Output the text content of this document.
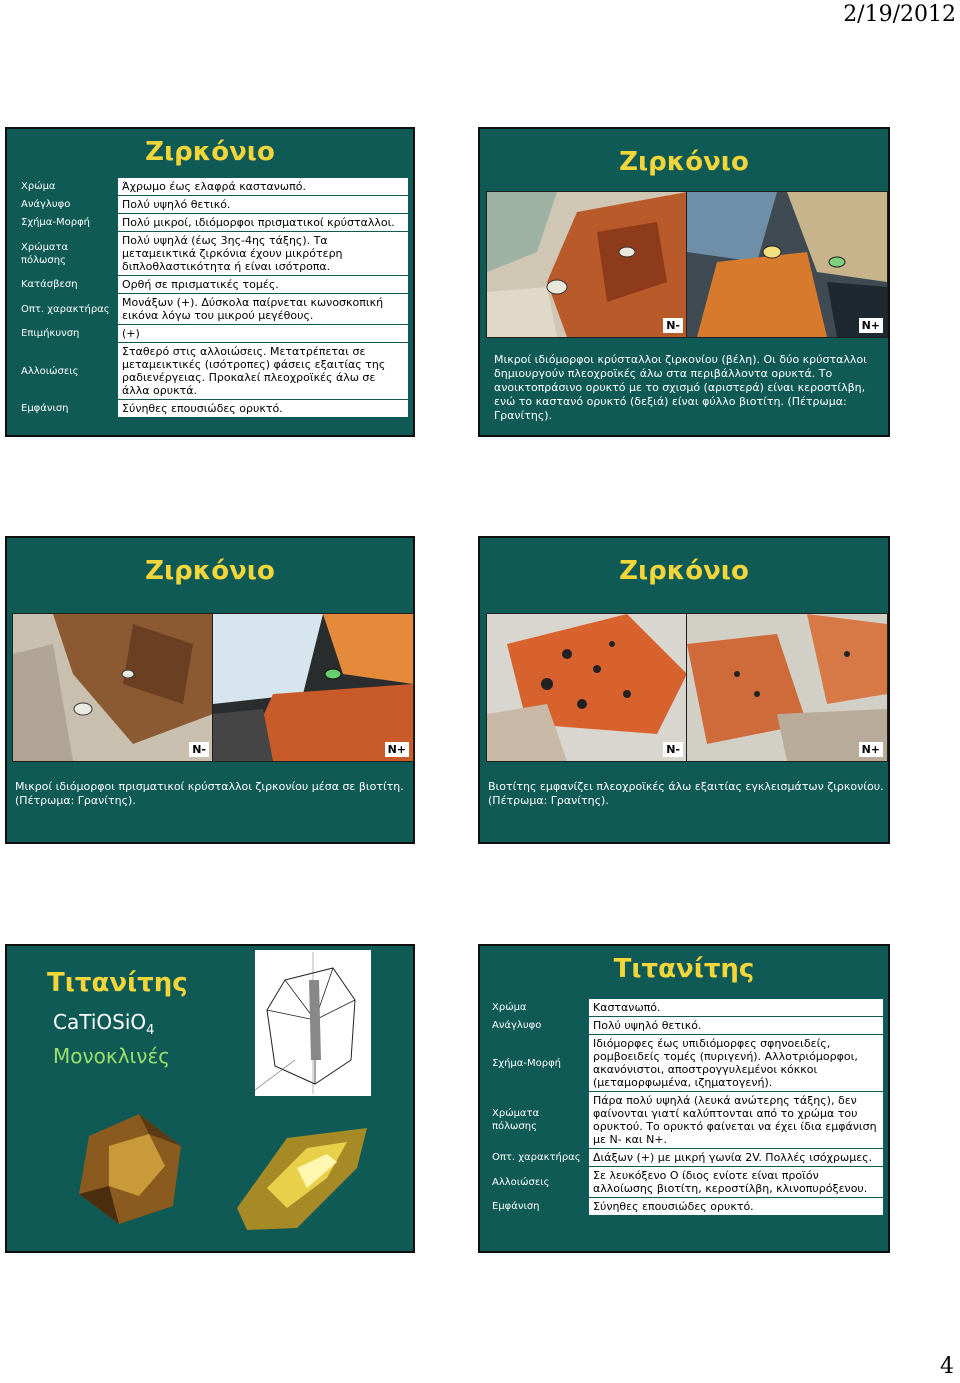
2/19/2012
Ζιρκόνιο
Χρώμα	Άχρωμο έως ελαφρά καστανωπό.
Ανάγλυφο	Πολύ υψηλό θετικό.
Σχήμα-Μορφή	Πολύ μικροί, ιδιόμορφοι πρισματικοί κρύσταλλοι.
Χρώματα πόλωσης	Πολύ υψηλά (έως 3ης-4ης τάξης). Τα μεταμεικτικά ζιρκόνια έχουν μικρότερη διπλοθλαστικότητα ή είναι ισότροπα.
Κατάσβεση	Ορθή σε πρισματικές τομές.
Οπτ. χαρακτήρας	Μονάξων (+). Δύσκολα παίρνεται κωνοσκοπική εικόνα λόγω του μικρού μεγέθους.
Επιμήκυνση	(+)
Αλλοιώσεις	Σταθερό στις αλλοιώσεις. Μετατρέπεται σε μεταμεικτικές (ισότροπες) φάσεις εξαιτίας της ραδιενέργειας. Προκαλεί πλεοχροϊκές άλω σε άλλα ορυκτά.
Εμφάνιση	Σύνηθες επουσιώδες ορυκτό.
Ζιρκόνιο
N-	N+
Μικροί ιδιόμορφοι κρύσταλλοι ζιρκονίου (βέλη). Οι δύο κρύσταλλοι δημιουργούν πλεοχροϊκές άλω στα περιβάλλοντα ορυκτά. Το ανοικτοπράσινο ορυκτό με το σχισμό (αριστερά) είναι κεροστίλβη, ενώ το καστανό ορυκτό (δεξιά) είναι φύλλο βιοτίτη. (Πέτρωμα: Γρανίτης).
Ζιρκόνιο
N-	N+
Μικροί ιδιόμορφοι πρισματικοί κρύσταλλοι ζιρκονίου μέσα σε βιοτίτη. (Πέτρωμα: Γρανίτης).
Ζιρκόνιο
N-	N+
Βιοτίτης εμφανίζει πλεοχροϊκές άλω εξαιτίας εγκλεισμάτων ζιρκονίου. (Πέτρωμα: Γρανίτης).
Τιτανίτης
CaTiOSiO$_4$
Μονοκλινές
Τιτανίτης
Χρώμα	Καστανωπό.
Ανάγλυφο	Πολύ υψηλό θετικό.
Σχήμα-Μορφή	Ιδιόμορφες έως υπιδιόμορφες σφηνοειδείς, ρομβοειδείς τομές (πυριγενή). Αλλοτριόμορφοι, ακανόνιστοι, αποστρογγυλεμένοι κόκκοι (μεταμορφωμένα, ιζηματογενή).
Χρώματα πόλωσης	Πάρα πολύ υψηλά (λευκά ανώτερης τάξης), δεν φαίνονται γιατί καλύπτονται από το χρώμα του ορυκτού. Το ορυκτό φαίνεται να έχει ίδια εμφάνιση με N- και N+.
Οπτ. χαρακτήρας	Διάξων (+) με μικρή γωνία 2V. Πολλές ισόχρωμες.
Αλλοιώσεις	Σε λευκόξενο Ο ίδιος ενίοτε είναι προϊόν αλλοίωσης βιοτίτη, κεροστίλβη, κλινοπυρόξενου.
Εμφάνιση	Σύνηθες επουσιώδες ορυκτό.
4
